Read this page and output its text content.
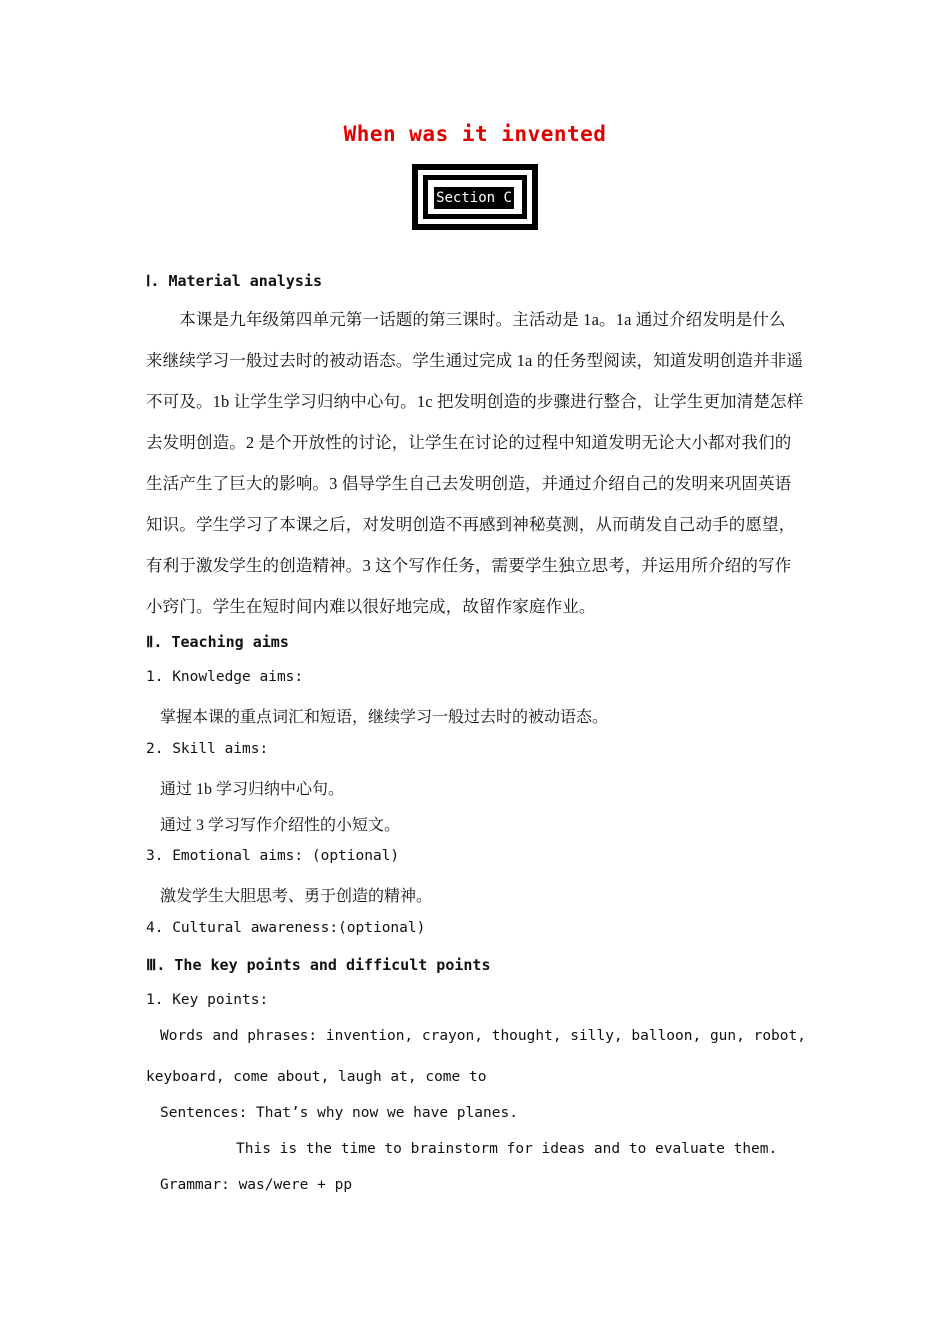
When was it invented
Section C
Ⅰ. Material analysis
　　本课是九年级第四单元第一话题的第三课时。主活动是 1a。1a 通过介绍发明是什么
来继续学习一般过去时的被动语态。学生通过完成 1a 的任务型阅读，知道发明创造并非遥
不可及。1b 让学生学习归纳中心句。1c 把发明创造的步骤进行整合，让学生更加清楚怎样
去发明创造。2 是个开放性的讨论，让学生在讨论的过程中知道发明无论大小都对我们的
生活产生了巨大的影响。3 倡导学生自己去发明创造，并通过介绍自己的发明来巩固英语
知识。学生学习了本课之后，对发明创造不再感到神秘莫测，从而萌发自己动手的愿望，
有利于激发学生的创造精神。3 这个写作任务，需要学生独立思考，并运用所介绍的写作
小窍门。学生在短时间内难以很好地完成，故留作家庭作业。
Ⅱ. Teaching aims
1. Knowledge aims:
掌握本课的重点词汇和短语，继续学习一般过去时的被动语态。
2. Skill aims:
通过 1b 学习归纳中心句。
通过 3 学习写作介绍性的小短文。
3. Emotional aims: (optional)
激发学生大胆思考、勇于创造的精神。
4. Cultural awareness:(optional)
Ⅲ. The key points and difficult points
1. Key points:
Words and phrases: invention, crayon, thought, silly, balloon, gun, robot,
keyboard, come about, laugh at, come to
Sentences: That’s why now we have planes.
This is the time to brainstorm for ideas and to evaluate them.
Grammar: was/were + pp
